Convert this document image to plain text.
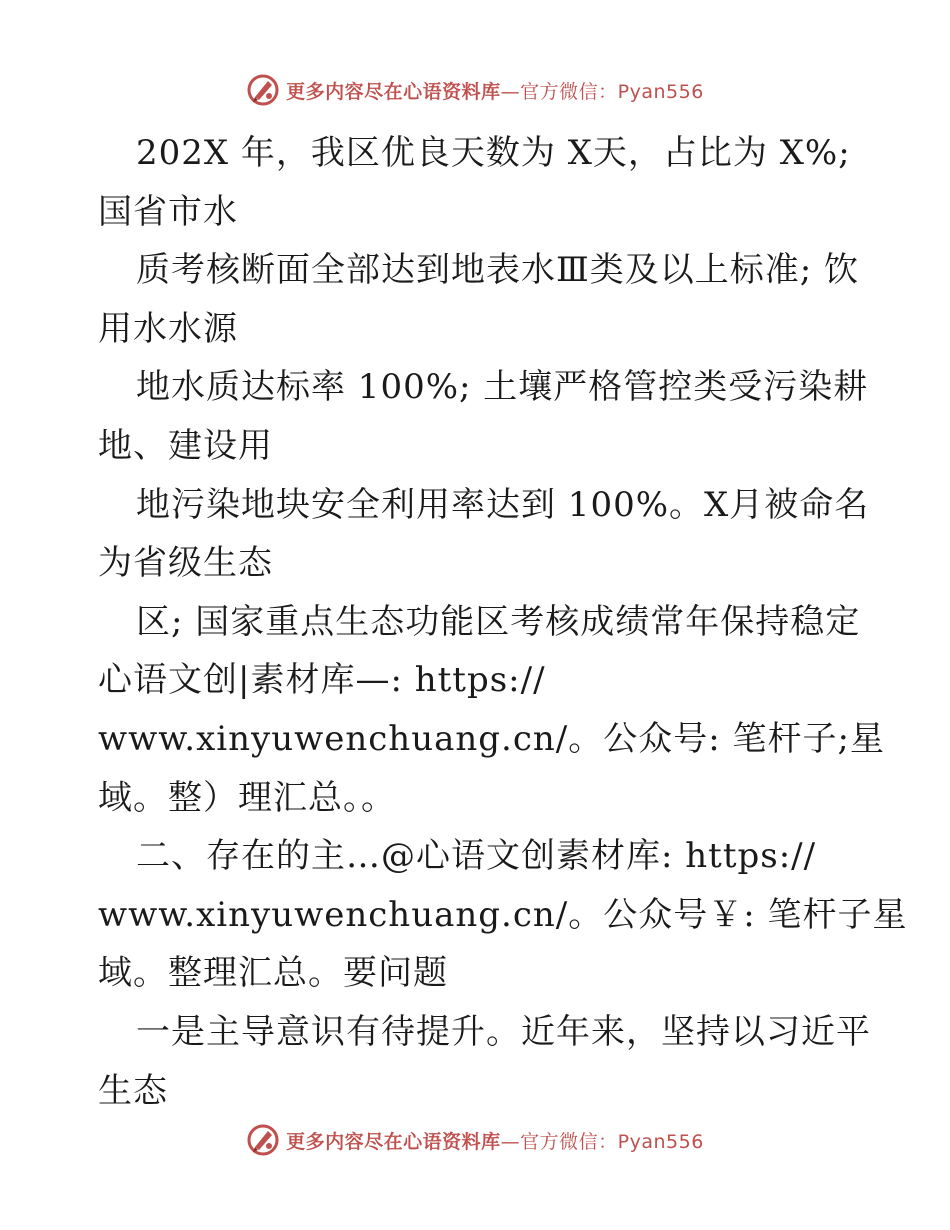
更多内容尽在心语资料库—官方微信：Pyan556
202X 年，我区优良天数为 X天，占比为 X%;
国省市水
质考核断面全部达到地表水Ⅲ类及以上标准; 饮
用水水源
地水质达标率 100%; 土壤严格管控类受污染耕
地、建设用
地污染地块安全利用率达到 100%。X月被命名
为省级生态
区; 国家重点生态功能区考核成绩常年保持稳定
心语文创|素材库—: https://
www.xinyuwenchuang.cn/。公众号: 笔杆子;星
域。整）理汇总。。
二、存在的主…@心语文创素材库: https://
www.xinyuwenchuang.cn/。公众号￥: 笔杆子星
域。整理汇总。要问题
一是主导意识有待提升。近年来，坚持以习近平
生态
更多内容尽在心语资料库—官方微信：Pyan556
